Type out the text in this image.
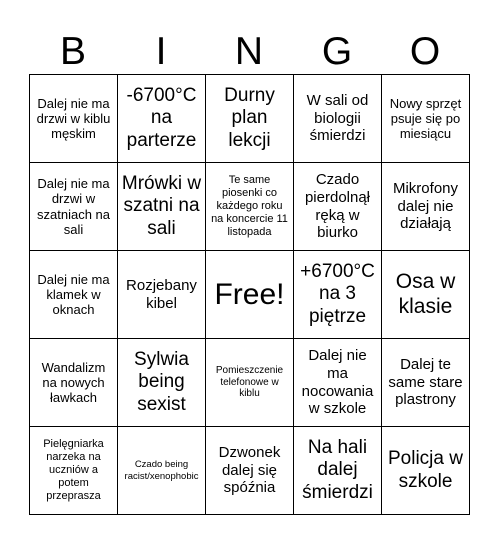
B	I	N	G	O
Dalej nie ma drzwi w kiblu męskim
-6700°C na parterze
Durny plan lekcji
W sali od biologii śmierdzi
Nowy sprzęt psuje się po miesiącu
Dalej nie ma drzwi w szatniach na sali
Mrówki w szatni na sali
Te same piosenki co każdego roku na koncercie 11 listopada
Czado pierdolnął ręką w biurko
Mikrofony dalej nie działają
Dalej nie ma klamek w oknach
Rozjebany kibel	Free!
+6700°C na 3 piętrze
Osa w klasie
Wandalizm na nowych ławkach
Sylwia being sexist
Pomieszczenie telefonowe w kiblu
Dalej nie ma nocowania w szkole
Dalej te same stare plastrony
Pielęgniarka narzeka na uczniów a potem przeprasza
Czado being racist/xenophobic
Dzwonek dalej się spóźnia
Na hali dalej śmierdzi
Policja w szkole
